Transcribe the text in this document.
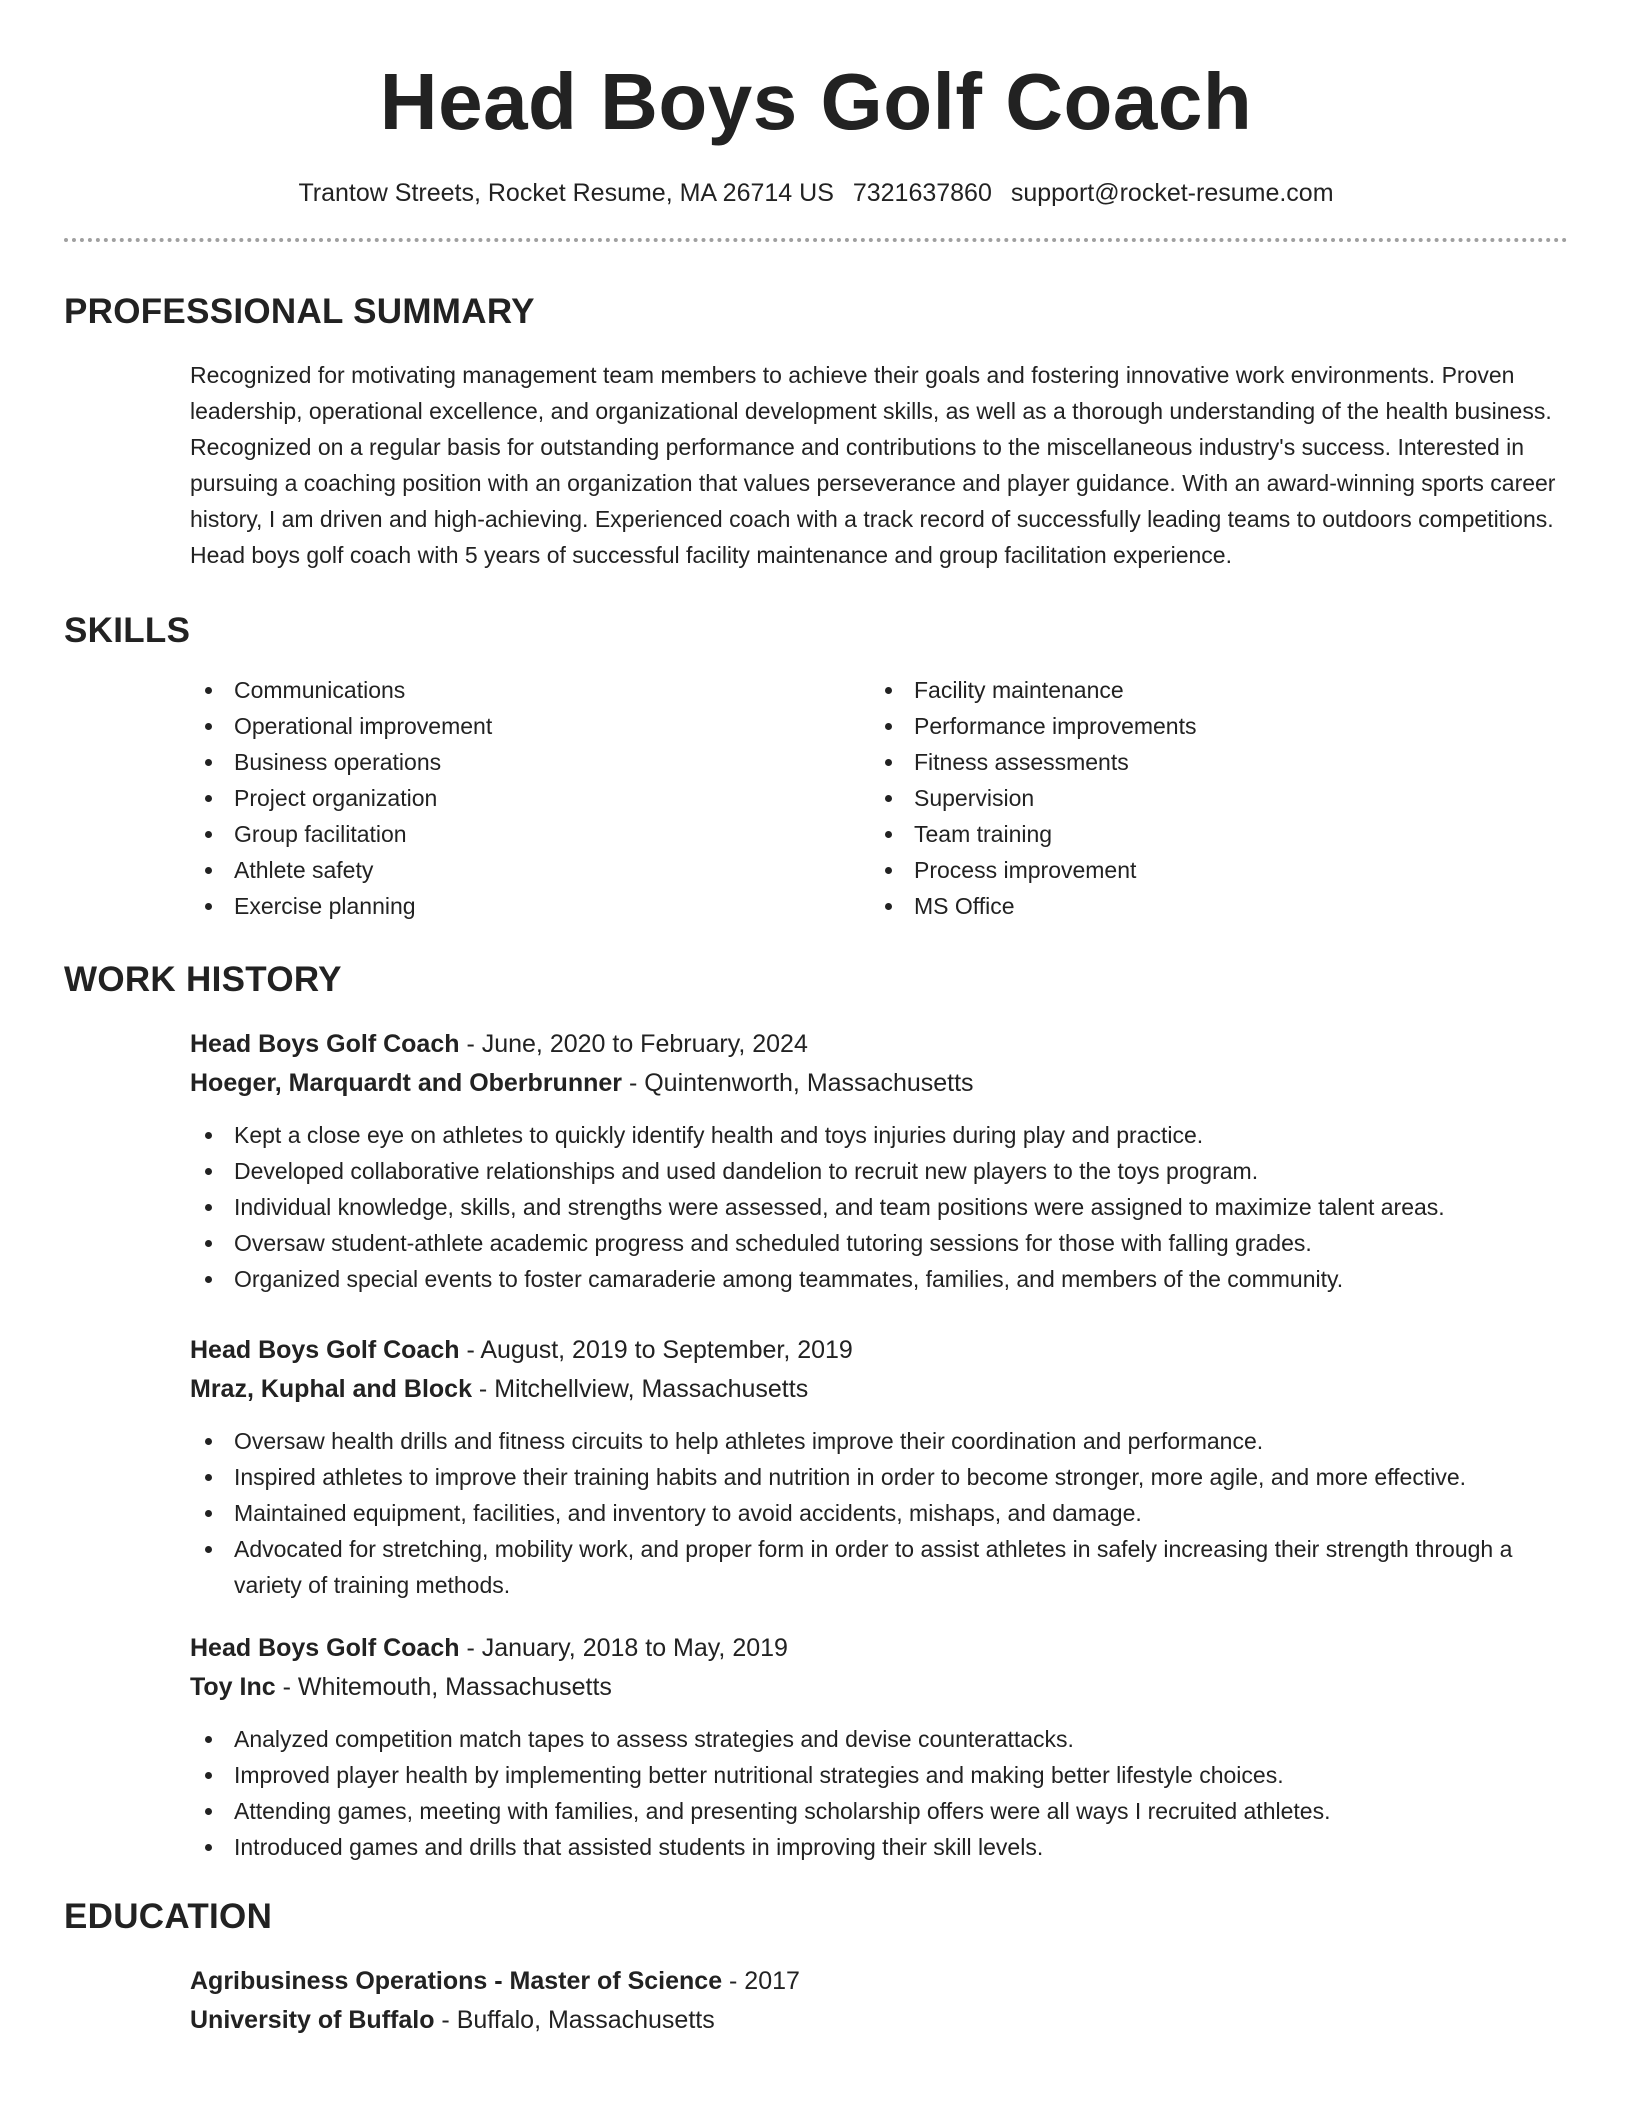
Head Boys Golf Coach
Trantow Streets, Rocket Resume, MA 26714 US 7321637860 support@rocket-resume.com
PROFESSIONAL SUMMARY
Recognized for motivating management team members to achieve their goals and fostering innovative work environments. Proven leadership, operational excellence, and organizational development skills, as well as a thorough understanding of the health business. Recognized on a regular basis for outstanding performance and contributions to the miscellaneous industry's success. Interested in pursuing a coaching position with an organization that values perseverance and player guidance. With an award-winning sports career history, I am driven and high-achieving. Experienced coach with a track record of successfully leading teams to outdoors competitions. Head boys golf coach with 5 years of successful facility maintenance and group facilitation experience.
SKILLS
Communications
Operational improvement
Business operations
Project organization
Group facilitation
Athlete safety
Exercise planning
Facility maintenance
Performance improvements
Fitness assessments
Supervision
Team training
Process improvement
MS Office
WORK HISTORY
Head Boys Golf Coach - June, 2020 to February, 2024
Hoeger, Marquardt and Oberbrunner - Quintenworth, Massachusetts
Kept a close eye on athletes to quickly identify health and toys injuries during play and practice.
Developed collaborative relationships and used dandelion to recruit new players to the toys program.
Individual knowledge, skills, and strengths were assessed, and team positions were assigned to maximize talent areas.
Oversaw student-athlete academic progress and scheduled tutoring sessions for those with falling grades.
Organized special events to foster camaraderie among teammates, families, and members of the community.
Head Boys Golf Coach - August, 2019 to September, 2019
Mraz, Kuphal and Block - Mitchellview, Massachusetts
Oversaw health drills and fitness circuits to help athletes improve their coordination and performance.
Inspired athletes to improve their training habits and nutrition in order to become stronger, more agile, and more effective.
Maintained equipment, facilities, and inventory to avoid accidents, mishaps, and damage.
Advocated for stretching, mobility work, and proper form in order to assist athletes in safely increasing their strength through a variety of training methods.
Head Boys Golf Coach - January, 2018 to May, 2019
Toy Inc - Whitemouth, Massachusetts
Analyzed competition match tapes to assess strategies and devise counterattacks.
Improved player health by implementing better nutritional strategies and making better lifestyle choices.
Attending games, meeting with families, and presenting scholarship offers were all ways I recruited athletes.
Introduced games and drills that assisted students in improving their skill levels.
EDUCATION
Agribusiness Operations - Master of Science - 2017
University of Buffalo - Buffalo, Massachusetts
